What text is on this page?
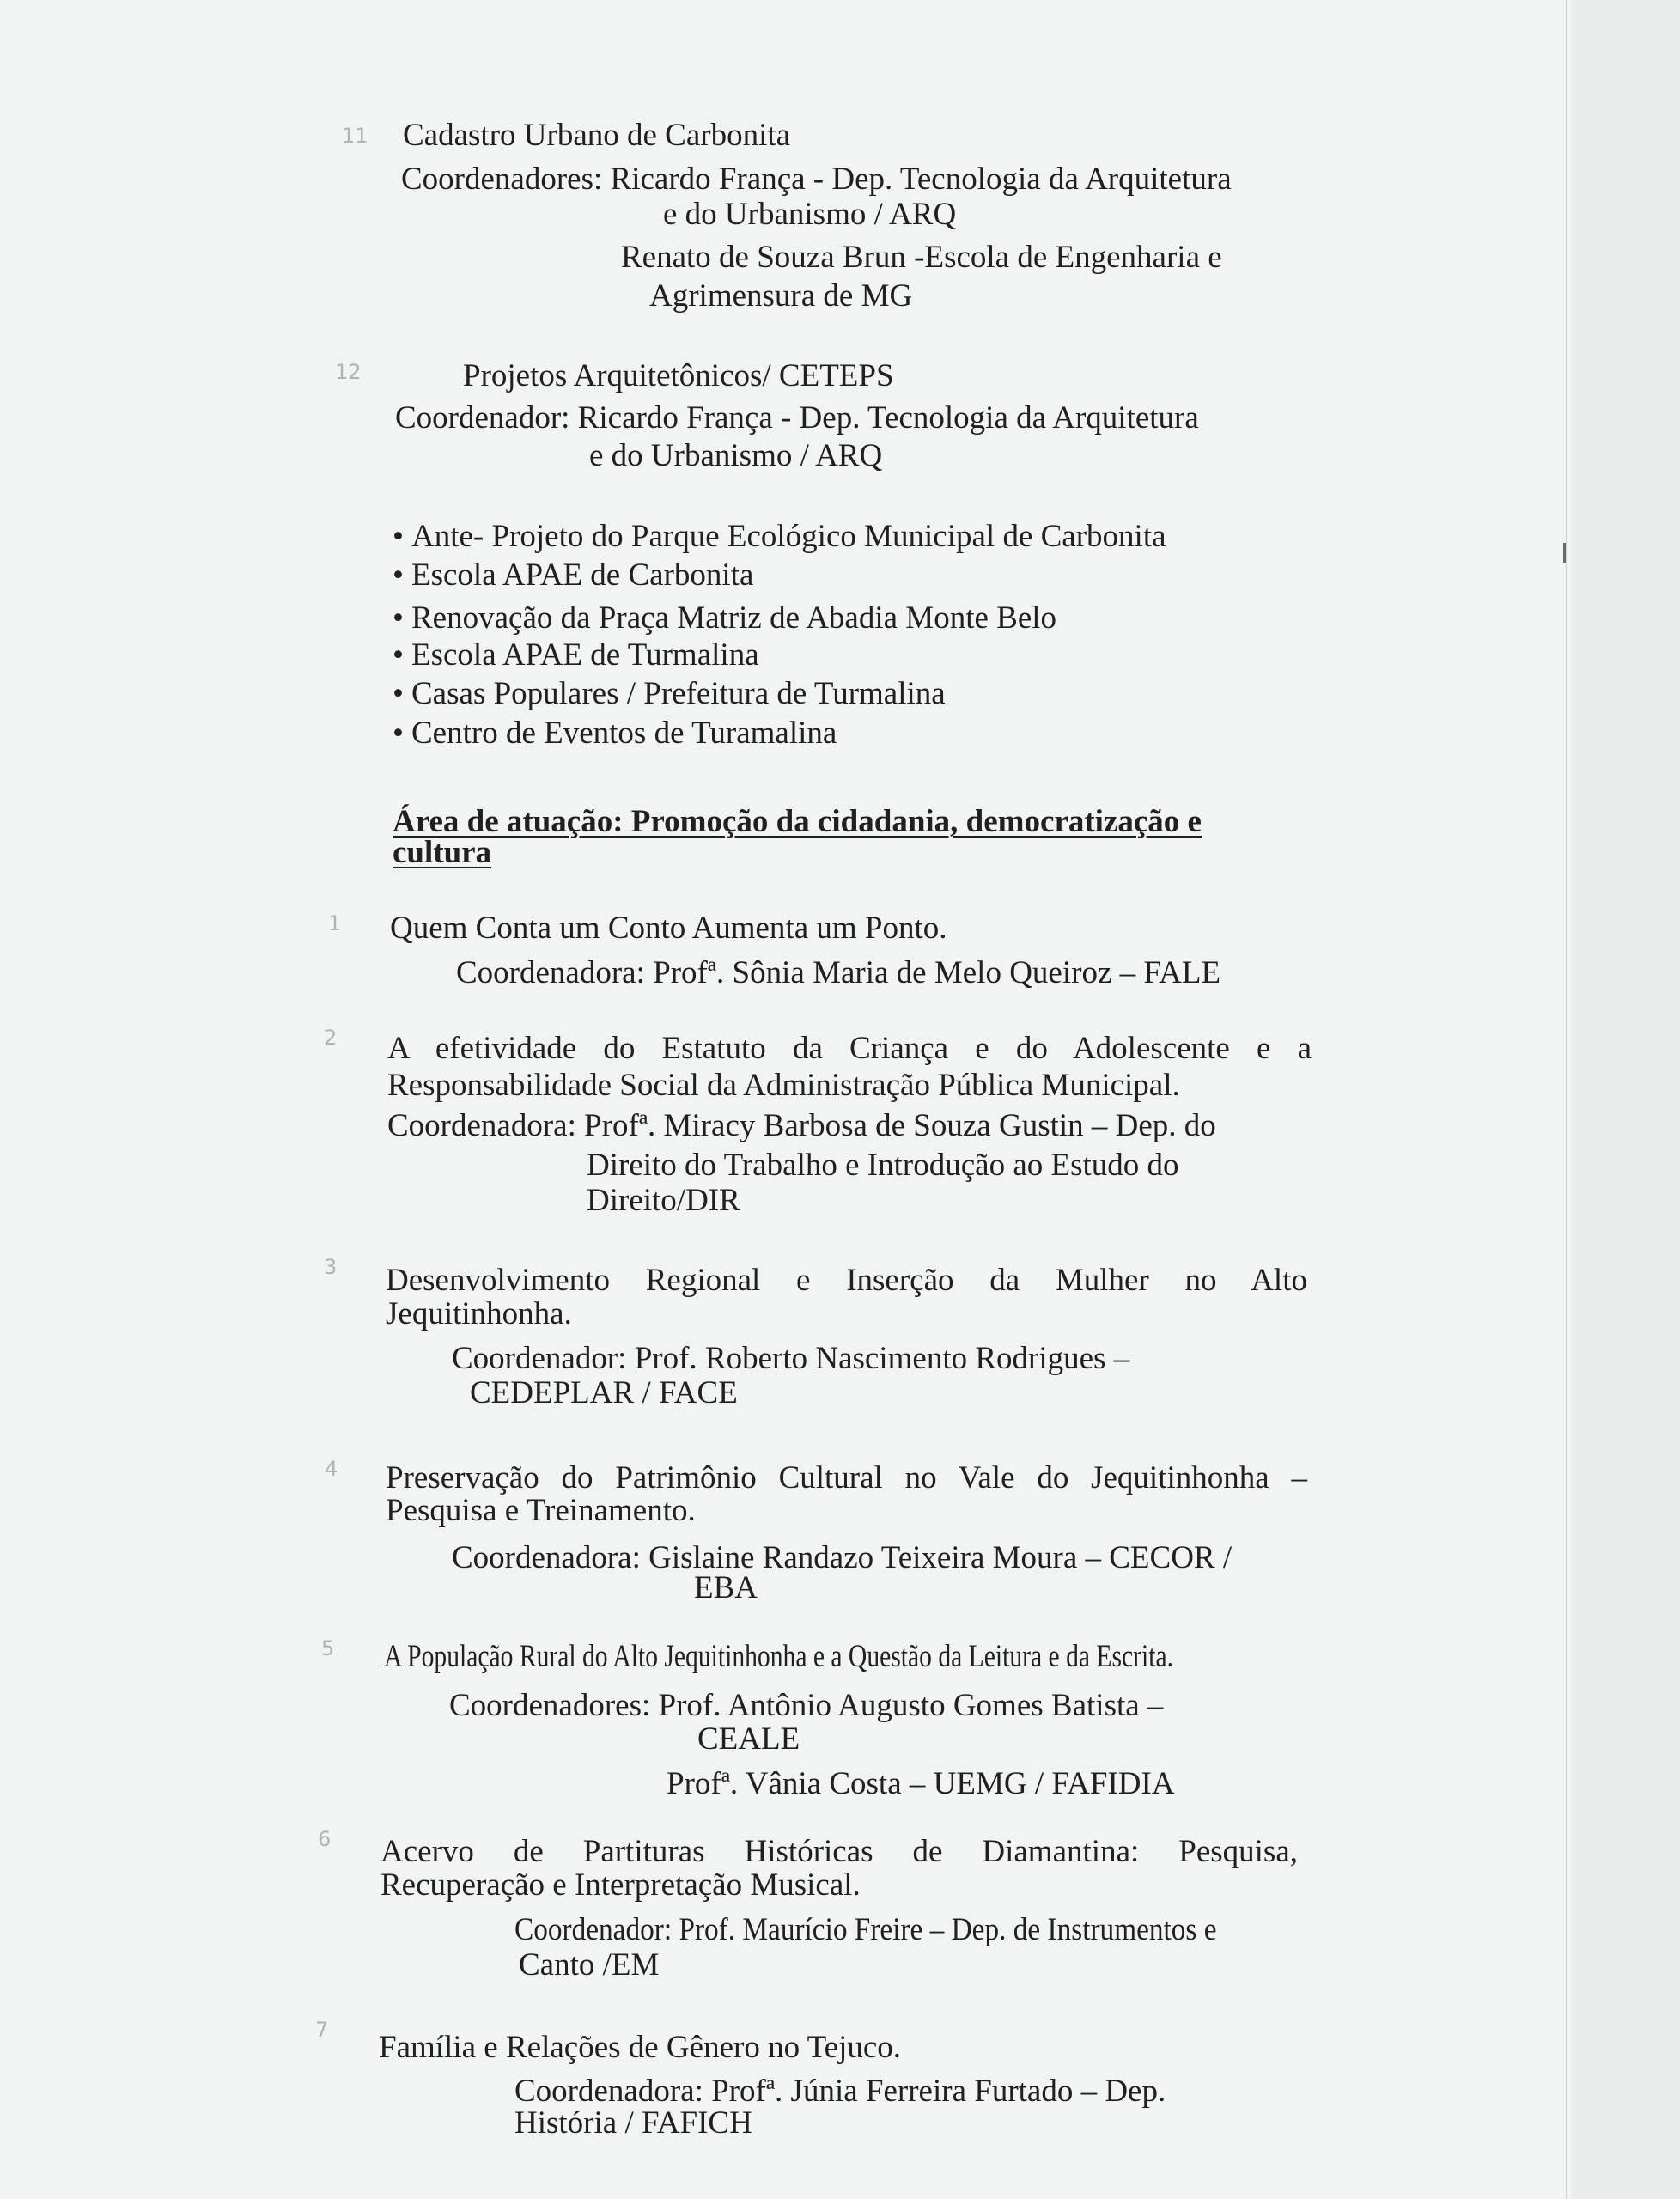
11 Cadastro Urbano de Carbonita
Coordenadores: Ricardo França - Dep. Tecnologia da Arquitetura
e do Urbanismo / ARQ
Renato de Souza Brun -Escola de Engenharia e
Agrimensura de MG
12	Projetos Arquitetônicos/ CETEPS
Coordenador: Ricardo França - Dep. Tecnologia da Arquitetura
e do Urbanismo / ARQ
• Ante- Projeto do Parque Ecológico Municipal de Carbonita
• Escola APAE de Carbonita
• Renovação da Praça Matriz de Abadia Monte Belo
• Escola APAE de Turmalina
• Casas Populares / Prefeitura de Turmalina
• Centro de Eventos de Turamalina
Área de atuação: Promoção da cidadania, democratização e
cultura
1 Quem Conta um Conto Aumenta um Ponto.
Coordenadora: Profª. Sônia Maria de Melo Queiroz – FALE
2 A efetividade do Estatuto da Criança e do Adolescente e a
Responsabilidade Social da Administração Pública Municipal.
Coordenadora: Profª. Miracy Barbosa de Souza Gustin – Dep. do
Direito do Trabalho e Introdução ao Estudo do
Direito/DIR
3 Desenvolvimento Regional e Inserção da Mulher no Alto
Jequitinhonha.
Coordenador: Prof. Roberto Nascimento Rodrigues –
CEDEPLAR / FACE
4 Preservação do Patrimônio Cultural no Vale do Jequitinhonha –
Pesquisa e Treinamento.
Coordenadora: Gislaine Randazo Teixeira Moura – CECOR /
EBA
5 A População Rural do Alto Jequitinhonha e a Questão da Leitura e da Escrita.
Coordenadores: Prof. Antônio Augusto Gomes Batista –
CEALE
Profª. Vânia Costa – UEMG / FAFIDIA
6 Acervo de Partituras Históricas de Diamantina: Pesquisa,
Recuperação e Interpretação Musical.
Coordenador: Prof. Maurício Freire – Dep. de Instrumentos e
Canto /EM
7 Família e Relações de Gênero no Tejuco.
Coordenadora: Profª. Júnia Ferreira Furtado – Dep.
História / FAFICH
